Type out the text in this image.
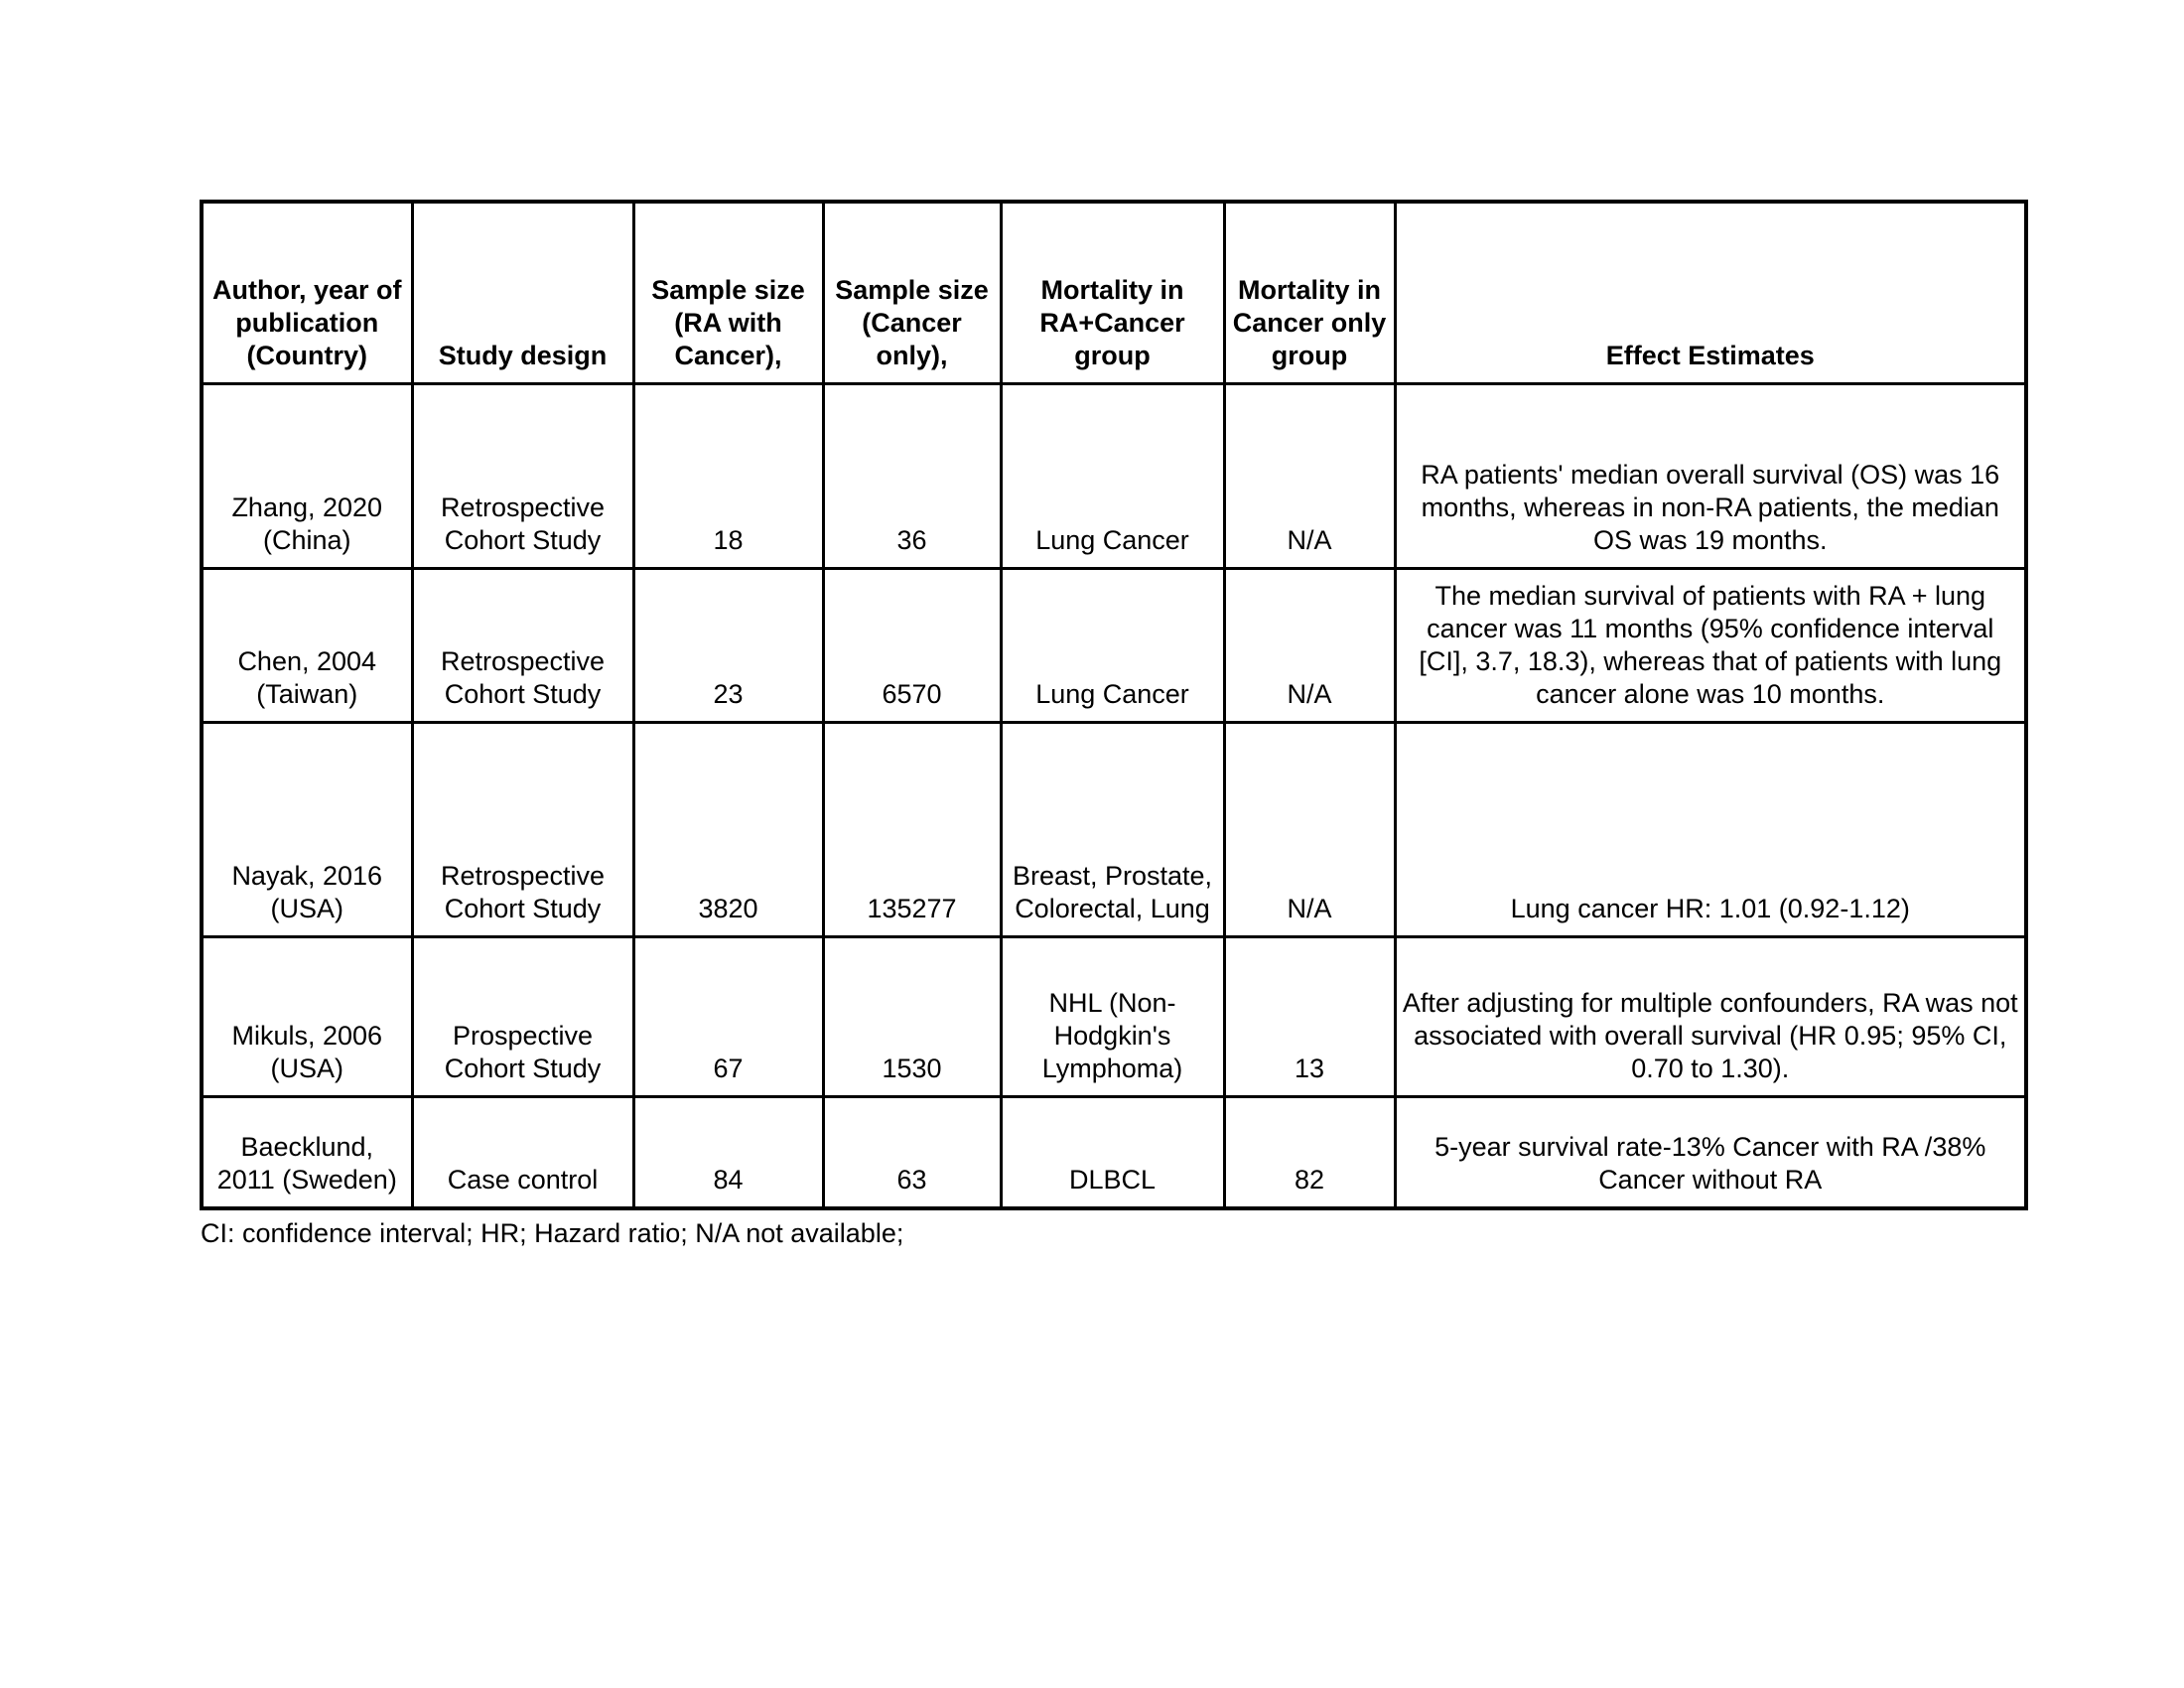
Author, year of publication (Country)	Study design	Sample size (RA with Cancer),	Sample size (Cancer only),	Mortality in RA+Cancer group	Mortality in Cancer only group	Effect Estimates
Zhang, 2020 (China)	Retrospective Cohort Study	18	36	Lung Cancer	N/A	RA patients' median overall survival (OS) was 16 months, whereas in non-RA patients, the median OS was 19 months.
Chen, 2004 (Taiwan)	Retrospective Cohort Study	23	6570	Lung Cancer	N/A	The median survival of patients with RA + lung cancer was 11 months (95% confidence interval [CI], 3.7, 18.3), whereas that of patients with lung cancer alone was 10 months.
Nayak, 2016 (USA)	Retrospective Cohort Study	3820	135277	Breast, Prostate, Colorectal, Lung	N/A	Lung cancer HR: 1.01 (0.92-1.12)
Mikuls, 2006 (USA)	Prospective Cohort Study	67	1530	NHL (Non-Hodgkin's Lymphoma)	13	After adjusting for multiple confounders, RA was not associated with overall survival (HR 0.95; 95% CI, 0.70 to 1.30).
Baecklund, 2011 (Sweden)	Case control	84	63	DLBCL	82	5-year survival rate-13% Cancer with RA /38% Cancer without RA
CI: confidence interval; HR; Hazard ratio; N/A not available;
